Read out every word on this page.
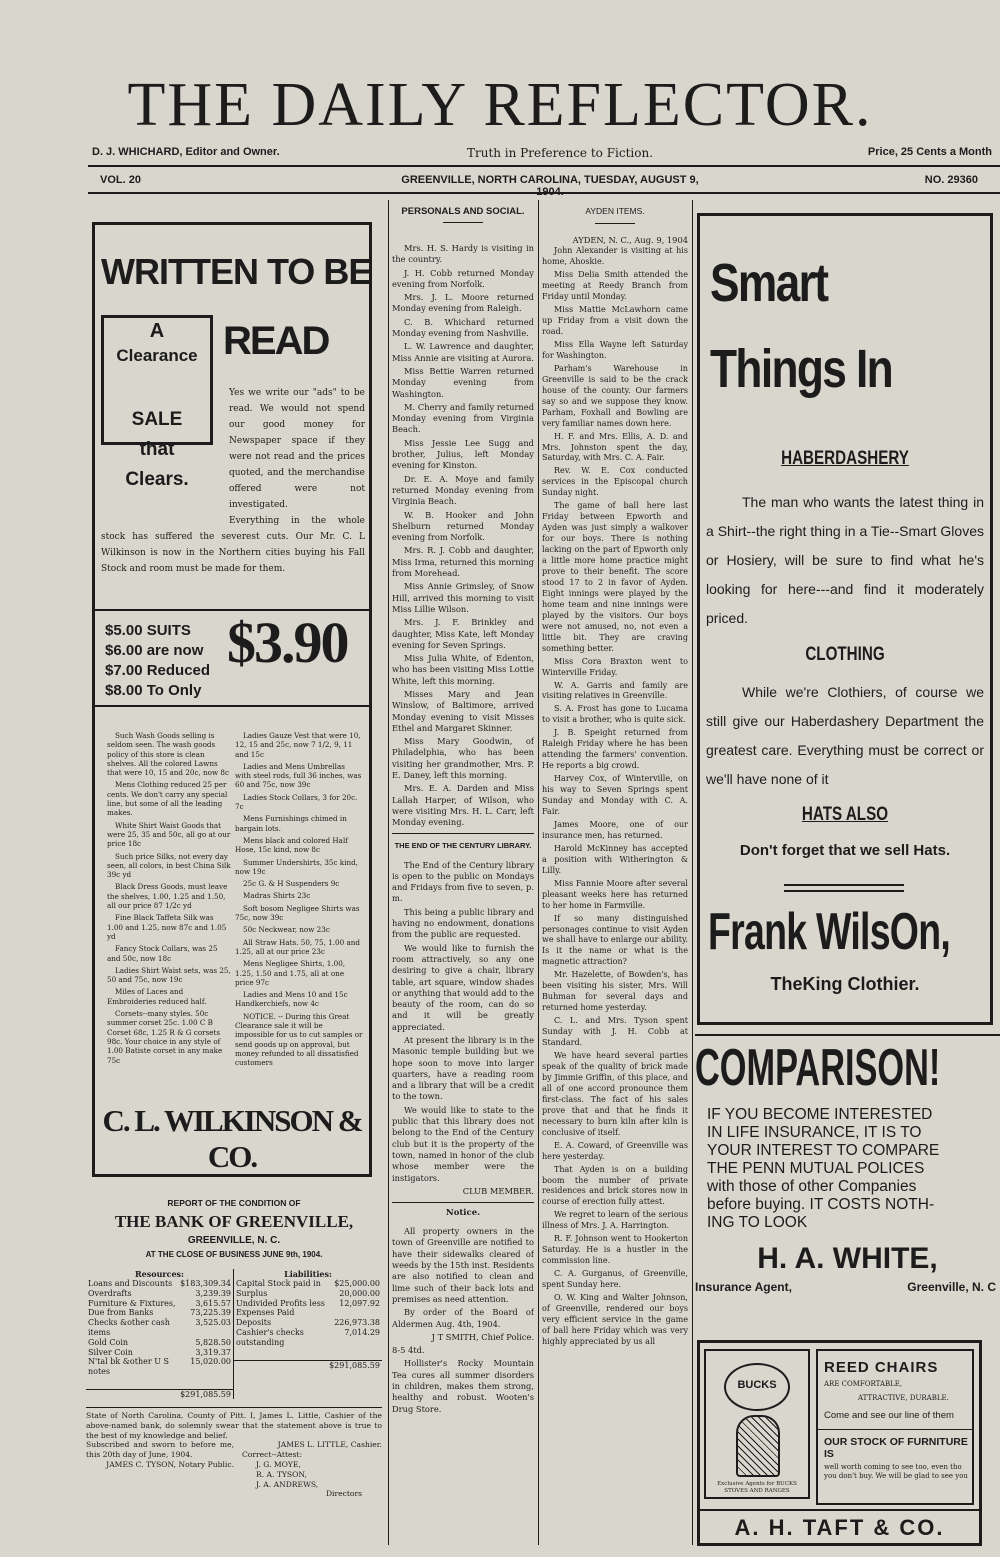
THE DAILY REFLECTOR.
D. J. WHICHARD, Editor and Owner.	Truth in Preference to Fiction.	Price, 25 Cents a Month
VOL. 20	GREENVILLE, NORTH CAROLINA, TUESDAY, AUGUST 9,	NO. 29360
WRITTEN TO BE
A
Clearance
SALE
that
Clears.
READ
Yes we write our "ads" to be read. We would not spend our good money for Newspaper space if they were not read and the prices quoted, and the merchandise offered were not investigated.
Everything in the whole stock has suffered the severest cuts. Our Mr. C. L Wilkinson is now in the Northern cities buying his Fall Stock and room must be made for them.
$5.00 SUITS
$6.00 are now
$7.00 Reduced
$8.00 To Only
$3.90
Such Wash Goods selling is seldom seen. The wash goods policy of this store is clean shelves. All the colored Lawns that were 10, 15 and 20c, now 8c
Mens Clothing reduced 25 per cents. We don't carry any special line, but some of all the leading makes.
White Shirt Waist Goods that were 25, 35 and 50c, all go at our price 18c
Such price Silks, not every day seen, all colors, in best China Silk 39c yd
Black Dress Goods, must leave the shelves, 1.00, 1.25 and 1.50, all our price 87 1/2c yd
Fine Black Taffeta Silk was 1.00 and 1.25, now 87c and 1.05 yd
Fancy Stock Collars, was 25 and 50c, now 18c
Ladies Shirt Waist sets, was 25, 50 and 75c, now 19c
Miles of Laces and Embroideries reduced half.
Corsets--many styles. 50c summer corset 25c. 1.00 C B Corset 68c, 1.25 R & G corsets 98c. Your choice in any style of 1.00 Batiste corset in any make 75c
Ladies Gauze Vest that were 10, 12, 15 and 25c, now 7 1/2, 9, 11 and 15c
Ladies and Mens Umbrellas with steel rods, full 36 inches, was 60 and 75c, now 39c
Ladies Stock Collars, 3 for 20c. 7c
Mens Furnishings chimed in bargain lots.
Mens black and colored Half Hose, 15c kind, now 8c
Summer Undershirts, 35c kind, now 19c
25c G. & H Suspenders 9c
Madras Shirts 23c
Soft bosom Negligee Shirts was 75c, now 39c
50c Neckwear, now 23c
All Straw Hats. 50, 75, 1.00 and 1.25, all at our price 23c
Mens Negligee Shirts, 1.00, 1.25, 1.50 and 1.75, all at one price 97c
Ladies and Mens 10 and 15c Handkerchiefs, now 4c
NOTICE. -- During this Great Clearance sale it will be impossible for us to cut samples or send goods up on approval, but money refunded to all dissatisfied customers
C. L. WILKINSON & CO.
REPORT OF THE CONDITION OF
THE BANK OF GREENVILLE,
GREENVILLE, N. C.
AT THE CLOSE OF BUSINESS JUNE 9th, 1904.
Resources:
Loans and Discounts	$183,309.34
Overdrafts	3,239.39
Furniture & Fixtures,	3,615.57
Due from Banks	73,225.39
Checks &other cash items	3,525.03
Gold Coin	5,828.50
Silver Coin	3,319.37
N'tal bk &other U S notes	15,020.00
$291,085.59
Liabilities:
Capital Stock paid in	$25,000.00
Surplus	20,000.00
Undivided Profits less Expenses Paid	12,097.92
Deposits	226,973.38
Cashier's checks outstanding	7,014.29
$291,085.59
State of North Carolina, County of Pitt. I, James L. Little, Cashier of the above-named bank, do solemnly swear that the statement above is true to the best of my knowledge and belief.
Subscribed and sworn to before me, this 20th day of June, 1904.
JAMES C. TYSON, Notary Public.
JAMES L. LITTLE, Cashier.
Correct--Attest:
J. G. MOYE,
R. A. TYSON,
J. A. ANDREWS,
Directors
PERSONALS AND SOCIAL.

Mrs. H. S. Hardy is visiting in the country.

J. H. Cobb returned Monday evening from Norfolk.

Mrs. J. L. Moore returned Monday evening from Raleigh.

C. B. Whichard returned Monday evening from Nashville.

L. W. Lawrence and daughter, Miss Annie are visiting at Aurora.

Miss Bettie Warren returned Monday evening from Washington.

M. Cherry and family returned Monday evening from Virginia Beach.

Miss Jessie Lee Sugg and brother, Julius, left Monday evening for Kinston.

Dr. E. A. Moye and family returned Monday evening from Virginia Beach.

W. B. Hooker and John Shelburn returned Monday evening from Norfolk.

Mrs. R. J. Cobb and daughter, Miss Irma, returned this morning from Morehead.

Miss Annie Grimsley, of Snow Hill, arrived this morning to visit Miss Lillie Wilson.

Mrs. J. F. Brinkley and daughter, Miss Kate, left Monday evening for Seven Springs.

Miss Julia White, of Edenton, who has been visiting Miss Lottie White, left this morning.

Misses Mary and Jean Winslow, of Baltimore, arrived Monday evening to visit Misses Ethel and Margaret Skinner.

Miss Mary Goodwin, of Philadelphia, who has been visiting her grandmother, Mrs. P. E. Daney, left this morning.

Mrs. E. A. Darden and Miss Lallah Harper, of Wilson, who were visiting Mrs. H. L. Carr, left Monday evening.

THE END OF THE CENTURY LIBRARY.

The End of the Century library is open to the public on Mondays and Fridays from five to seven, p. m.

This being a public library and having no endowment, donations from the public are requested.

We would like to furnish the room attractively, so any one desiring to give a chair, library table, art square, window shades or anything that would add to the beauty of the room, can do so and it will be greatly appreciated.

At present the library is in the Masonic temple building but we hope soon to move into larger quarters, have a reading room and a library that will be a credit to the town.

We would like to state to the public that this library does not belong to the End of the Century club but it is the property of the town, named in honor of the club whose member were the instigators.

CLUB MEMBER.

Notice.

All property owners in the town of Greenville are notified to have their sidewalks cleared of weeds by the 15th inst. Residents are also notified to clean and lime such of their back lots and premises as need attention.

By order of the Board of Aldermen Aug. 4th, 1904.

J T SMITH, Chief Police.

8-5 4td.

Hollister's Rocky Mountain Tea cures all summer disorders in children, makes them strong, healthy and robust. Wooten's Drug Store.

AYDEN ITEMS.
AYDEN, N. C., Aug. 9, 1904

John Alexander is visiting at his home, Ahoskie.

Miss Delia Smith attended the meeting at Reedy Branch from Friday until Monday.

Miss Mattie McLawhorn came up Friday from a visit down the road.

Miss Ella Wayne left Saturday for Washington.

Parham's Warehouse in Greenville is said to be the crack house of the county. Our farmers say so and we suppose they know. Parham, Foxhall and Bowling are very familiar names down here.

H. F. and Mrs. Ellis, A. D. and Mrs. Johnston spent the day, Saturday, with Mrs. C. A. Fair.

Rev. W. E. Cox conducted services in the Episcopal church Sunday night.

The game of ball here last Friday between Epworth and Ayden was just simply a walkover for our boys. There is nothing lacking on the part of Epworth only a little more home practice might prove to their benefit. The score stood 17 to 2 in favor of Ayden. Eight innings were played by the home team and nine innings were played by the visitors. Our boys were not amused, no, not even a little bit. They are craving something better.

Miss Cora Braxton went to Winterville Friday.

W. A. Garris and family are visiting relatives in Greenville.

S. A. Frost has gone to Lucama to visit a brother, who is quite sick.

J. B. Speight returned from Raleigh Friday where he has been attending the farmers' convention. He reports a big crowd.

Harvey Cox, of Winterville, on his way to Seven Springs spent Sunday and Monday with C. A. Fair.

James Moore, one of our insurance men, has returned.

Harold McKinney has accepted a position with Witherington & Lilly.

Miss Fannie Moore after several pleasant weeks here has returned to her home in Farmville.

If so many distinguished personages continue to visit Ayden we shall have to enlarge our ability. Is it the name or what is the magnetic attraction?

Mr. Hazelette, of Bowden's, has been visiting his sister, Mrs. Will Buhman for several days and returned home yesterday.

C. L. and Mrs. Tyson spent Sunday with J. H. Cobb at Standard.

We have heard several parties speak of the quality of brick made by Jimmie Griffin, of this place, and all of one accord pronounce them first-class. The fact of his sales prove that and that he finds it necessary to burn kiln after kiln is conclusive of itself.

E. A. Coward, of Greenville was here yesterday.

That Ayden is on a building boom the number of private residences and brick stores now in course of erection fully attest.

We regret to learn of the serious illness of Mrs. J. A. Harrington.

R. F. Johnson went to Hookerton Saturday. He is a hustler in the commission line.

C. A. Gurganus, of Greenville, spent Sunday here.

O. W. King and Walter Johnson, of Greenville, rendered our boys very efficient service in the game of ball here Friday which was very highly appreciated by us all

Smart
Things In
HABERDASHERY
The man who wants the latest thing in a Shirt--the right thing in a Tie--Smart Gloves or Hosiery, will be sure to find what he's looking for here---and find it moderately priced.
CLOTHING
While we're Clothiers, of course we still give our Haberdashery Department the greatest care. Everything must be correct or we'll have none of it
HATS ALSO
Don't forget that we sell Hats.
Frank WilsOn,
TheKing Clothier.
COMPARISON!
IF YOU BECOME INTERESTED
IN LIFE INSURANCE, IT IS TO
YOUR INTEREST TO COMPARE
THE PENN MUTUAL POLICES
with those of other Companies
before buying. IT COSTS NOTH-
ING TO LOOK
H. A. WHITE,
Insurance Agent,	Greenville, N. C
BUCKS
Exclusive Agents for BUCKS STOVES AND RANGES
REED CHAIRS
ARE COMFORTABLE,
ATTRACTIVE, DURABLE.
Come and see our line of them
OUR STOCK OF FURNITURE IS
well worth coming to see too, even tho you don't buy. We will be glad to see you
A. H. TAFT & CO.
